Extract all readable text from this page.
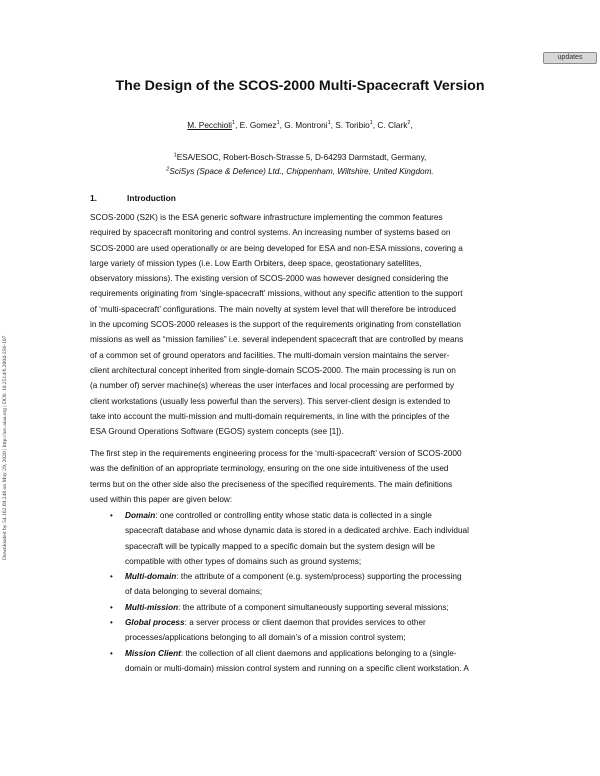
updates
Downloaded by 54.162.69.248 on May 29, 2020 | http://arc.aiaa.org | DOI: 10.2514/6.2004-256-107
The Design of the SCOS-2000 Multi-Spacecraft Version
M. Pecchioli$^1$, E. Gomez$^1$, G. Montroni$^1$, S. Toribio$^1$, C. Clark$^2$,
$^1$ESA/ESOC, Robert-Bosch-Strasse 5, D-64293 Darmstadt, Germany,
$^2$SciSys (Space & Defence) Ltd., Chippenham, Wiltshire, United Kingdom.
1.	Introduction
SCOS-2000 (S2K) is the ESA generic software infrastructure implementing the common features
required by spacecraft monitoring and control systems. An increasing number of systems based on
SCOS-2000 are used operationally or are being developed for ESA and non-ESA missions, covering a
large variety of mission types (i.e. Low Earth Orbiters, deep space, geostationary satellites,
observatory missions). The existing version of SCOS-2000 was however designed considering the
requirements originating from ‘single-spacecraft’ missions, without any specific attention to the support
of ‘multi-spacecraft’ configurations. The main novelty at system level that will therefore be introduced
in the upcoming SCOS-2000 releases is the support of the requirements originating from constellation
missions as well as “mission families” i.e. several independent spacecraft that are controlled by means
of a common set of ground operators and facilities. The multi-domain version maintains the server-
client architectural concept inherited from single-domain SCOS-2000. The main processing is run on
(a number of) server machine(s) whereas the user interfaces and local processing are performed by
client workstations (usually less powerful than the servers). This server-client design is extended to
take into account the multi-mission and multi-domain requirements, in line with the principles of the
ESA Ground Operations Software (EGOS) system concepts (see [1]).
The first step in the requirements engineering process for the ‘multi-spacecraft’ version of SCOS-2000
was the definition of an appropriate terminology, ensuring on the one side intuitiveness of the used
terms but on the other side also the preciseness of the specified requirements. The main definitions
used within this paper are given below:
• Domain: one controlled or controlling entity whose static data is collected in a single
spacecraft database and whose dynamic data is stored in a dedicated archive. Each individual
spacecraft will be typically mapped to a specific domain but the system design will be
compatible with other types of domains such as ground systems;
• Multi-domain: the attribute of a component (e.g. system/process) supporting the processing
of data belonging to several domains;
• Multi-mission: the attribute of a component simultaneously supporting several missions;
• Global process: a server process or client daemon that provides services to other
processes/applications belonging to all domain’s of a mission control system;
• Mission Client: the collection of all client daemons and applications belonging to a (single-
domain or multi-domain) mission control system and running on a specific client workstation. A
